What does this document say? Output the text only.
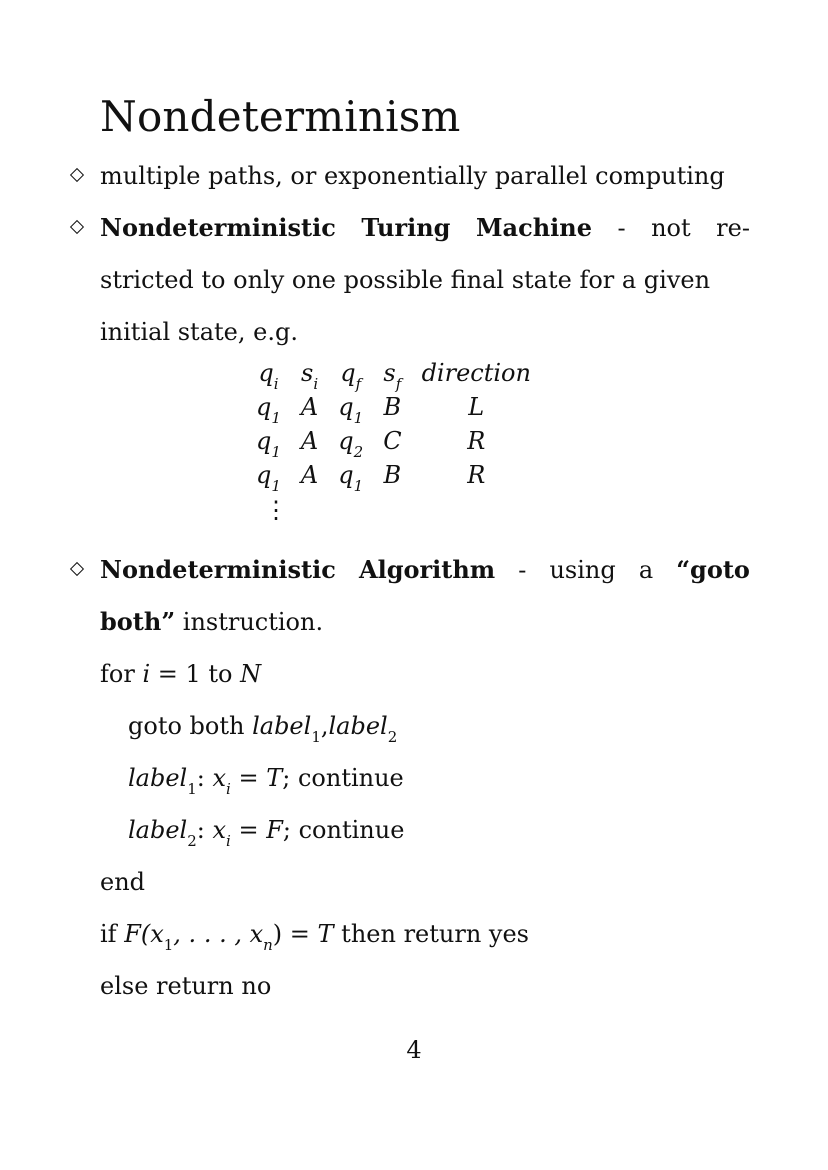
Nondeterminism
multiple paths, or exponentially parallel computing
Nondeterministic Turing Machine - not re-
stricted to only one possible final state for a given
initial state, e.g.
$q_i$	$s_i$	$q_f$	$s_f$	direction
$q_1$	A	$q_1$	B	L
$q_1$	A	$q_2$	C	R
$q_1$	A	$q_1$	B	R
⋮
Nondeterministic Algorithm - using a “goto
both” instruction.
for i = 1 to N
goto both label$_1$,label$_2$
label$_1$: $x_i = T$; continue
label$_2$: $x_i = F$; continue
end
if $F(x_1$, . . . , $x_n) = T$ then return yes
else return no
4
